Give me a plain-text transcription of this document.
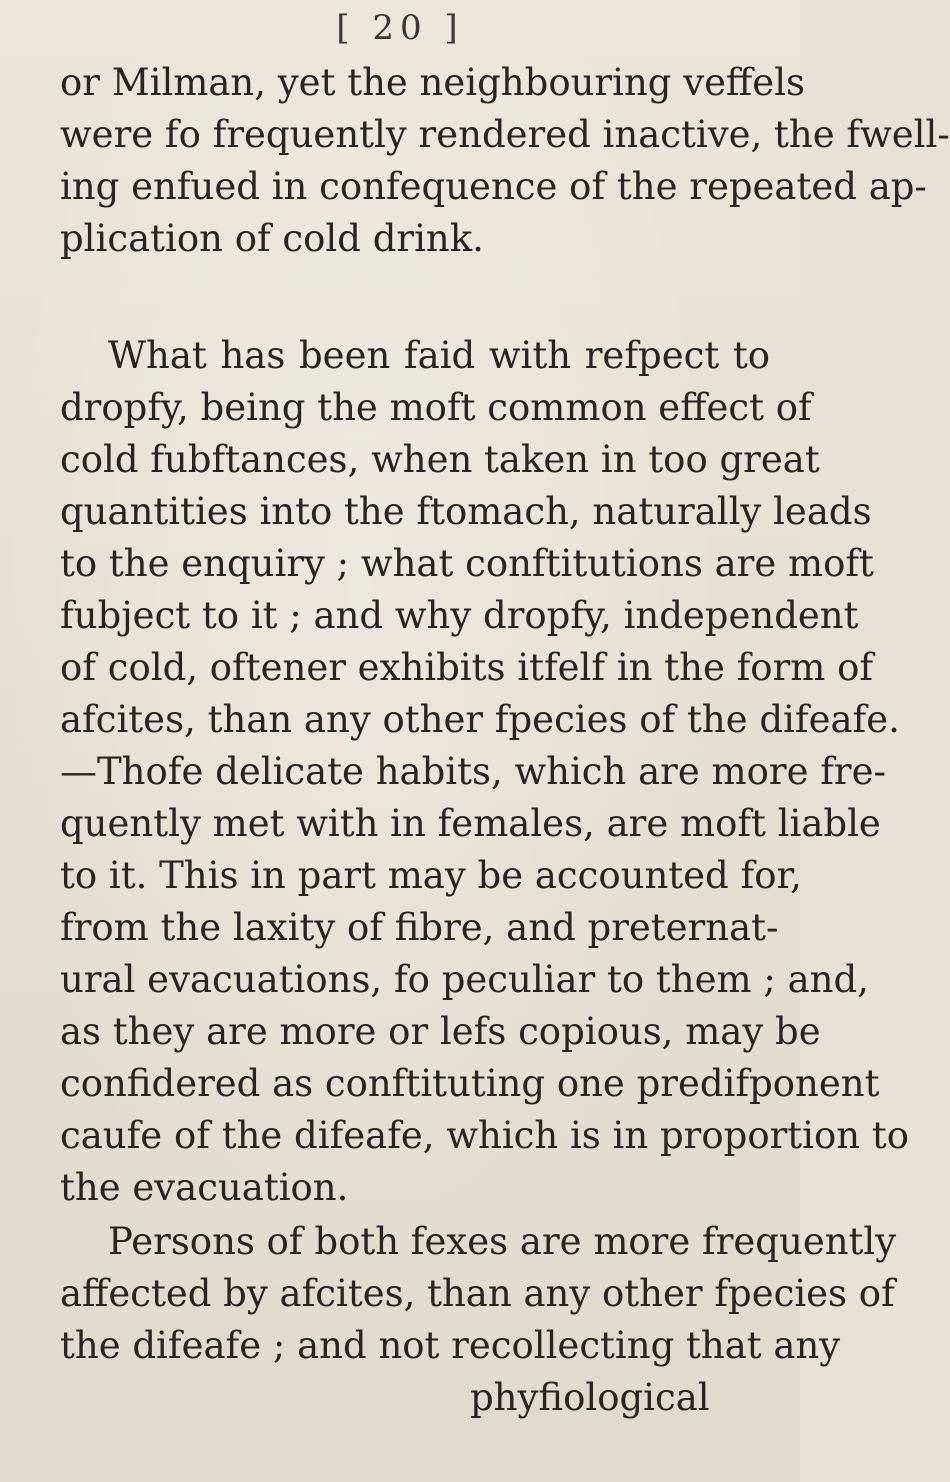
[ 20 ]
or Milman, yet the neighbouring veffels
were fo frequently rendered inactive, the fwell-
ing enfued in confequence of the repeated ap-
plication of cold drink.
What has been faid with refpect to
dropfy, being the moft common effect of
cold fubftances, when taken in too great
quantities into the ftomach, naturally leads
to the enquiry ; what conftitutions are moft
fubject to it ; and why dropfy, independent
of cold, oftener exhibits itfelf in the form of
afcites, than any other fpecies of the difeafe.
—Thofe delicate habits, which are more fre-
quently met with in females, are moft liable
to it. This in part may be accounted for,
from the laxity of fibre, and preternat-
ural evacuations, fo peculiar to them ; and,
as they are more or lefs copious, may be
confidered as conftituting one predifponent
caufe of the difeafe, which is in proportion to
the evacuation.
Persons of both fexes are more frequently
affected by afcites, than any other fpecies of
the difeafe ; and not recollecting that any
phyfiological
